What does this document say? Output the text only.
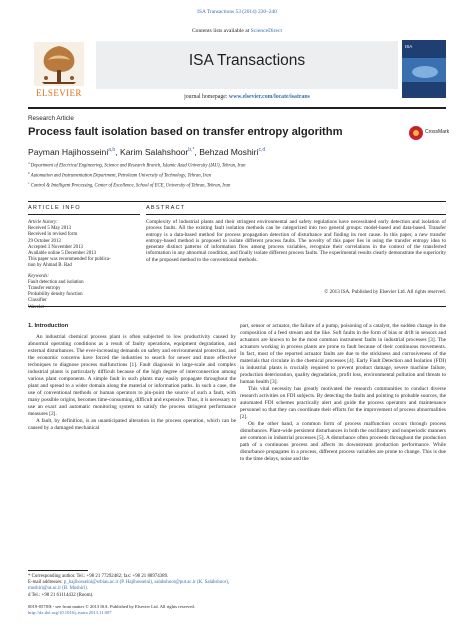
ISA Transactions 53 (2014) 230–240
Contents lists available at ScienceDirect
ELSEVIER
ISA Transactions
journal homepage: www.elsevier.com/locate/isatrans
ISA
Research Article
Process fault isolation based on transfer entropy algorithm	CrossMark
Payman Hajihosseini$^{a,b}$, Karim Salahshoor$^{b,*}$, Behzad Moshiri$^{c,d}$
$^a$ Department of Electrical Engineering, Science and Research Branch, Islamic Azad University (IAU), Tehran, Iran
$^b$ Automation and Instrumentation Department, Petroleum University of Technology, Tehran, Iran
$^c$ Control & Intelligent Processing, Center of Excellence, School of ECE, University of Tehran, Tehran, Iran
ARTICLE INFO	ABSTRACT
Article history:
Received 5 May 2013
Received in revised form
29 October 2013
Accepted 3 November 2013
Available online 5 December 2013
This paper was recommended for publica-
tion by Ahmad B. Rad
Keywords:
Fault detection and isolation
Transfer entropy
Probability density function
Classifier
Wavelet
Complexity of industrial plants and their stringent environmental and safety regulations have necessitated early detection and isolation of process faults. All the existing fault isolation methods can be categorized into two general groups: model-based and data-based. Transfer entropy is a data-based method for process propagation detection of disturbance and finding its root cause. In this paper, a new transfer entropy-based method is proposed to isolate different process faults. The novelty of this paper lies in using the transfer entropy idea to generate distinct patterns of information flow among process variables, recognize their correlations in the context of the transferred information in any abnormal condition, and finally isolate different process faults. The experimental results clearly demonstrate the superiority of the proposed method to the conventional methods.
© 2013 ISA. Published by Elsevier Ltd. All rights reserved.
1. Introduction

An industrial chemical process plant is often subjected to low productivity caused by abnormal operating conditions as a result of faulty operations, equipment degradation, and external disturbances. The ever-increasing demands on safety and environmental protection, and the economic concerns have forced the industries to search for newer and more effective techniques to diagnose process malfunctions [1]. Fault diagnosis in large-scale and complex industrial plants is particularly difficult because of the high degree of interconnection among various plant components. A simple fault in such plants may easily propagate throughout the plant and spread to a wider domain along the material or information paths. In such a case, the use of conventional methods or human operators to pin-point the source of such a fault, with many possible origins, becomes time-consuming, difficult and expensive. Thus, it is necessary to use an exact and automatic monitoring system to satisfy the process stringent performance measures [2].

A fault, by definition, is an unanticipated alteration in the process operation, which can be caused by a damaged mechanical

part, sensor or actuator, the failure of a pump, poisoning of a catalyst, the sudden change in the composition of a feed stream and the like. Soft faults in the form of bias or drift in sensors and actuators are known to be the most common instrument faults in industrial processes [3]. The actuators working in process plants are prone to fault because of their continuous movements. In fact, most of the reported actuator faults are due to the stickiness and corrosiveness of the materials that circulate in the chemical processes [4]. Early Fault Detection and Isolation (FDI) in industrial plants is crucially required to prevent product damage, severe machine failure, production deterioration, quality degradation, profit loss, environmental pollution and threats to human health [3].

This vital necessity has greatly motivated the research communities to conduct diverse research activities on FDI subjects. By detecting the faults and pointing to probable sources, the automated FDI schemes practically alert and guide the process operators and maintenance personnel so that they can coordinate their efforts for the improvement of process abnormalities [2].

On the other hand, a common form of process malfunction occurs through process disturbances. Plant-wide persistent disturbances in both the oscillatory and nonperiodic manners are common in industrial processes [5]. A disturbance often proceeds throughout the production path of a continuous process and affects its downstream production performance. While disturbance propagates in a process, different process variables are prone to change. This is due to the time delays, noise and the

* Corresponding author. Tel.: +98 21 77292482; fax: +98 21 88974389.
E-mail addresses: p_hajihosseini@srbiau.ac.ir (P. Hajihosseini), salahshoor@put.ac.ir (K. Salahshoor), moshiri@ut.ac.ir (B. Moshiri).
d Tel.: +98 21 61114432 (Room).
0019-0578/$ - see front matter © 2013 ISA. Published by Elsevier Ltd. All rights reserved.
http://dx.doi.org/10.1016/j.isatra.2013.11.007
